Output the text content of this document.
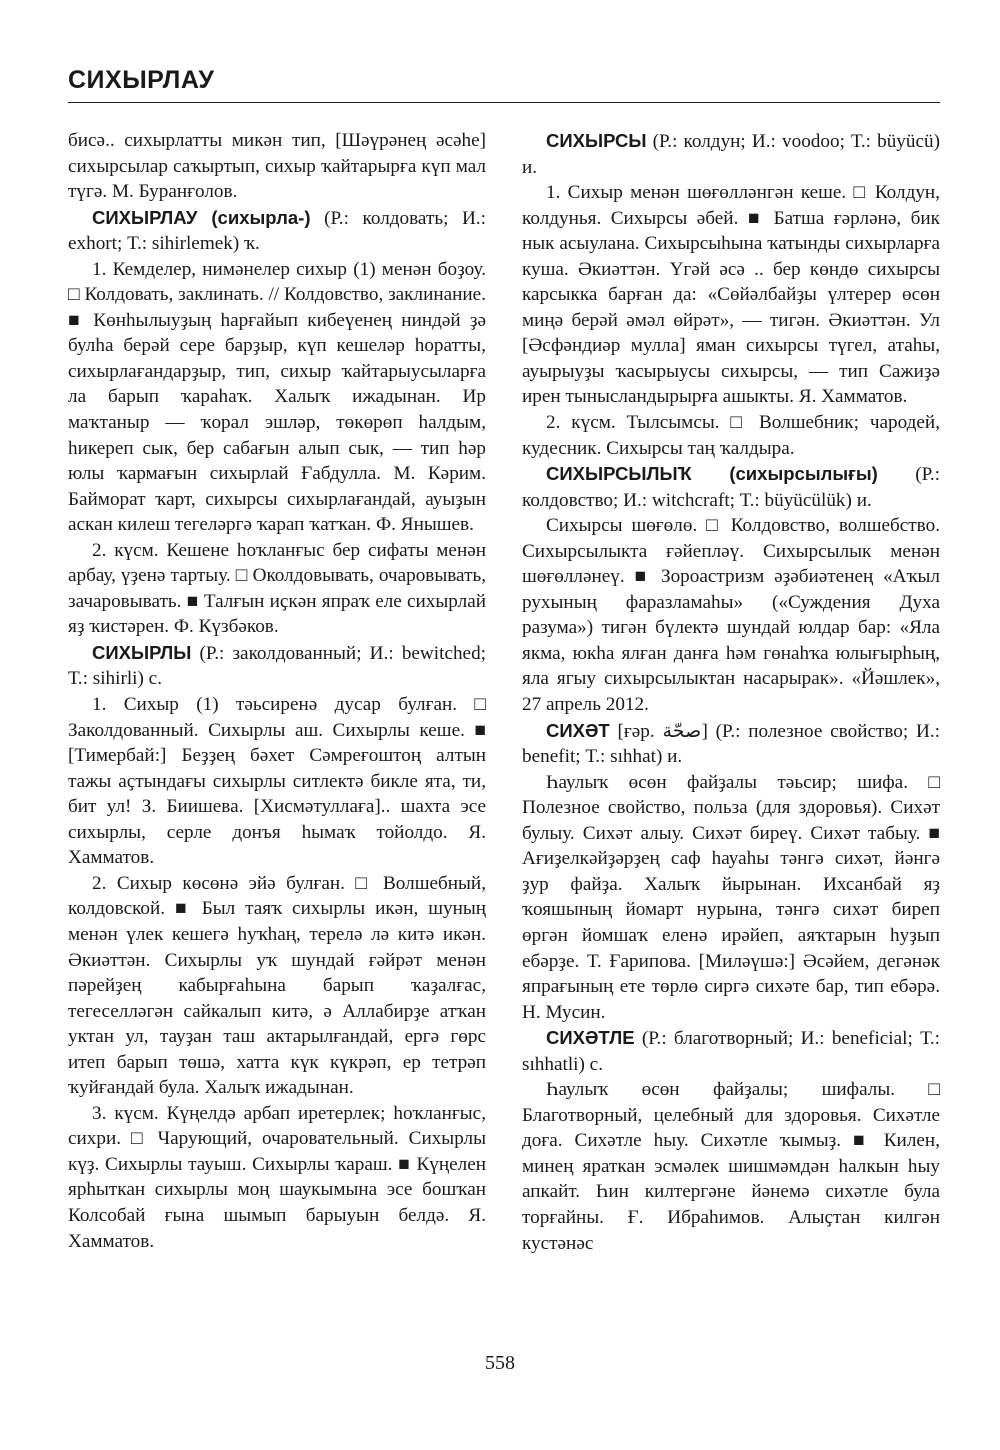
СИХЫРЛАУ

бисә.. сихырлатты микән тип, [Шәүрәнең әсәһе] сихырсылар саҡыртып, сихыр ҡайтарырға күп мал түгә. М. Буранғолов.

СИХЫРЛАУ (сихырла-) (Р.: колдовать; И.: exhort; Т.: sihirlemek) ҡ.

1. Кемделер, нимәнелер сихыр (1) менән боҙоу. □ Колдовать, заклинать. // Колдовство, заклинание. ■ Көнһылыуҙың һарғайып кибеүенең ниндәй ҙә булһа берәй сере барҙыр, күп кешеләр һоратты, сихырлағандарҙыр, тип, сихыр ҡайтарыусыларға ла барып ҡараһаҡ. Халыҡ ижадынан. Ир маҡтаныр — ҡорал эшләр, төкөрөп һалдым, һикереп сык, бер сабағын алып сык, — тип һәр юлы ҡармағын сихырлай Ғабдулла. М. Кәрим. Байморат ҡарт, сихырсы сихырлағандай, ауыҙын аскан килеш тегеләргә ҡарап ҡатҡан. Ф. Янышев.

2. күсм. Кешене һоҡланғыс бер сифаты менән арбау, үҙенә тартыу. □ Околдовывать, очаровывать, зачаровывать. ■ Талғын иҫкән япраҡ еле сихырлай яҙ ҡистәрен. Ф. Күзбәков.

СИХЫРЛЫ (Р.: заколдованный; И.: bewitched; Т.: sihirli) с.

1. Сихыр (1) тәьсиренә дусар булған. □ Заколдованный. Сихырлы аш. Сихырлы кеше. ■ [Тимербай:] Беҙҙең бәхет Сәмреғоштоң алтын тажы аҫтындағы сихырлы ситлектә бикле ята, ти, бит ул! З. Биишева. [Хисмәтуллаға].. шахта эсе сихырлы, серле донъя һымаҡ тойолдо. Я. Хамматов.

2. Сихыр көсөнә эйә булған. □ Волшебный, колдовской. ■ Был таяҡ сихырлы икән, шуның менән үлек кешегә һуҡһаң, терелә лә китә икән. Әкиәттән. Сихырлы уҡ шундай ғәйрәт менән пәрейҙең кабырғаһына барып ҡаҙалғас, тегеселләгән сайкалып китә, ә Аллабирҙе атҡан уктан ул, тауҙан таш актарылғандай, ергә гөрс итеп барып төшә, хатта күк күкрәп, ер тетрәп ҡуйғандай була. Халыҡ ижадынан.

3. күсм. Күңелдә арбап иретерлек; һоҡланғыс, сихри. □ Чарующий, очаровательный. Сихырлы күҙ. Сихырлы тауыш. Сихырлы ҡараш. ■ Күңелен ярһыткан сихырлы моң шаукымына эсе бошҡан Колсобай ғына шымып барыуын белдә. Я. Хамматов.

СИХЫРСЫ (Р.: колдун; И.: voodoo; Т.: büyücü) и.

1. Сихыр менән шөғөлләнгән кеше. □ Колдун, колдунья. Сихырсы әбей. ■ Батша ғәрләнә, бик нык асыулана. Сихырсыһына ҡатынды сихырларға куша. Әкиәттән. Үгәй әсә .. бер көндө сихырсы карсыкка барған да: «Сөйәлбайҙы үлтерер өсөн миңә берәй әмәл өйрәт», — тигән. Әкиәттән. Ул [Әсфәндиәр мулла] яман сихырсы түгел, атаһы, ауырыуҙы ҡасырыусы сихырсы, — тип Сажиҙә ирен тынысландырырға ашыкты. Я. Хамматов.

2. күсм. Тылсымсы. □ Волшебник; чародей, кудесник. Сихырсы таң ҡалдыра.

СИХЫРСЫЛЫҠ (сихырсылығы) (Р.: колдовство; И.: witchcraft; Т.: büyücülük) и.

Сихырсы шөғөлө. □ Колдовство, волшебство. Сихырсылыкта ғәйепләү. Сихырсылык менән шөғөлләнеү. ■ Зороастризм әҙәбиәтенең «Аҡыл рухының фаразламаһы» («Суждения Духа разума») тигән бүлектә шундай юлдар бар: «Яла якма, юкһа ялған данға һәм гөнаһҡа юлығырһың, яла ягыу сихырсылыктан насарырак». «Йәшлек», 27 апрель 2012.

СИХӘТ [ғәр. صحّة] (Р.: полезное свойство; И.: benefit; Т.: sıhhat) и.

Һаулыҡ өсөн файҙалы тәьсир; шифа. □ Полезное свойство, польза (для здоровья). Сихәт булыу. Сихәт алыу. Сихәт биреү. Сихәт табыу. ■ Ағиҙелкәйҙәрҙең саф һауаһы тәнгә сихәт, йәнгә ҙур файҙа. Халыҡ йырынан. Ихсанбай яҙ ҡояшының йомарт нурына, тәнгә сихәт биреп өргән йомшаҡ еленә ирәйеп, аяҡтарын һуҙып ебәрҙе. Т. Ғарипова. [Миләүшә:] Әсәйем, дегәнәк япрағының ете төрлө сиргә сихәте бар, тип ебәрә. Н. Мусин.

СИХӘТЛЕ (Р.: благотворный; И.: beneficial; Т.: sıhhatli) с.

Һаулыҡ өсөн файҙалы; шифалы. □ Благотворный, целебный для здоровья. Сихәтле доға. Сихәтле һыу. Сихәтле ҡымыҙ. ■ Килен, минең яраткан эсмәлек шишмәмдән һалкын һыу апкайт. Һин килтергәне йәнемә сихәтле була торғайны. Ғ. Ибраһимов. Алыҫтан килгән кустәнәс

558
